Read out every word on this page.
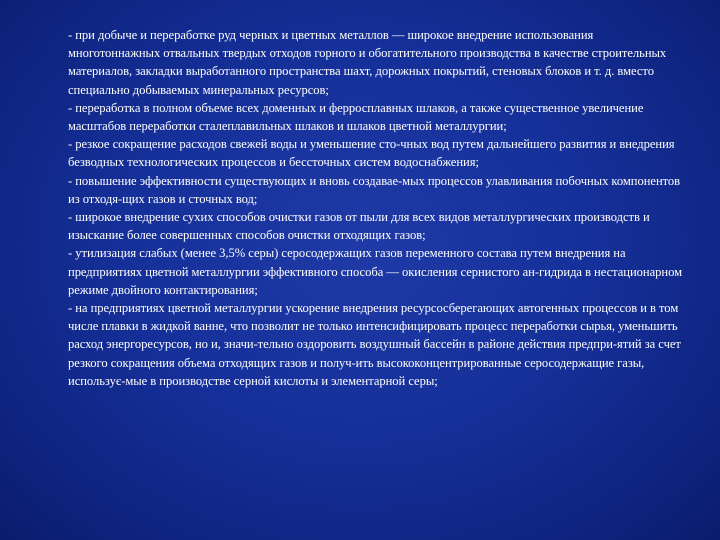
- при добыче и переработке руд черных и цветных металлов — широкое внедрение использования многотоннажных отвальных твердых отходов горного и обогатительного производства в качестве строительных материалов, закладки выработанного пространства шахт, дорожных покрытий, стеновых блоков и т. д. вместо специально добываемых минеральных ресурсов;

- переработка в полном объеме всех доменных и ферросплавных шлаков, а также существенное увеличение масштабов переработки сталеплавильных шлаков и шлаков цветной металлургии;

- резкое сокращение расходов свежей воды и уменьшение сто-чных вод путем дальнейшего развития и внедрения безводных технологических процессов и бессточных систем водоснабжения;

- повышение эффективности существующих и вновь создавае-мых процессов улавливания побочных компонентов из отходя-щих газов и сточных вод;

- широкое внедрение сухих способов очистки газов от пыли для всех видов металлургических производств и изыскание более совершенных способов очистки отходящих газов;

- утилизация слабых (менее 3,5% серы) серосодержащих газов переменного состава путем внедрения на предприятиях цветной металлургии эффективного способа — окисления сернистого ан-гидрида в нестационарном режиме двойного контактирования;

- на предприятиях цветной металлургии ускорение внедрения ресурсосберегающих автогенных процессов и в том числе плавки в жидкой ванне, что позволит не только интенсифицировать процесс переработки сырья, уменьшить расход энергоресурсов, но и, значи-тельно оздоровить воздушный бассейн в районе действия предпри-ятий за счет резкого сокращения объема отходящих газов и получ-ить высококонцентрированные серосодержащие газы, использує-мые в производстве серной кислоты и элементарной серы;
